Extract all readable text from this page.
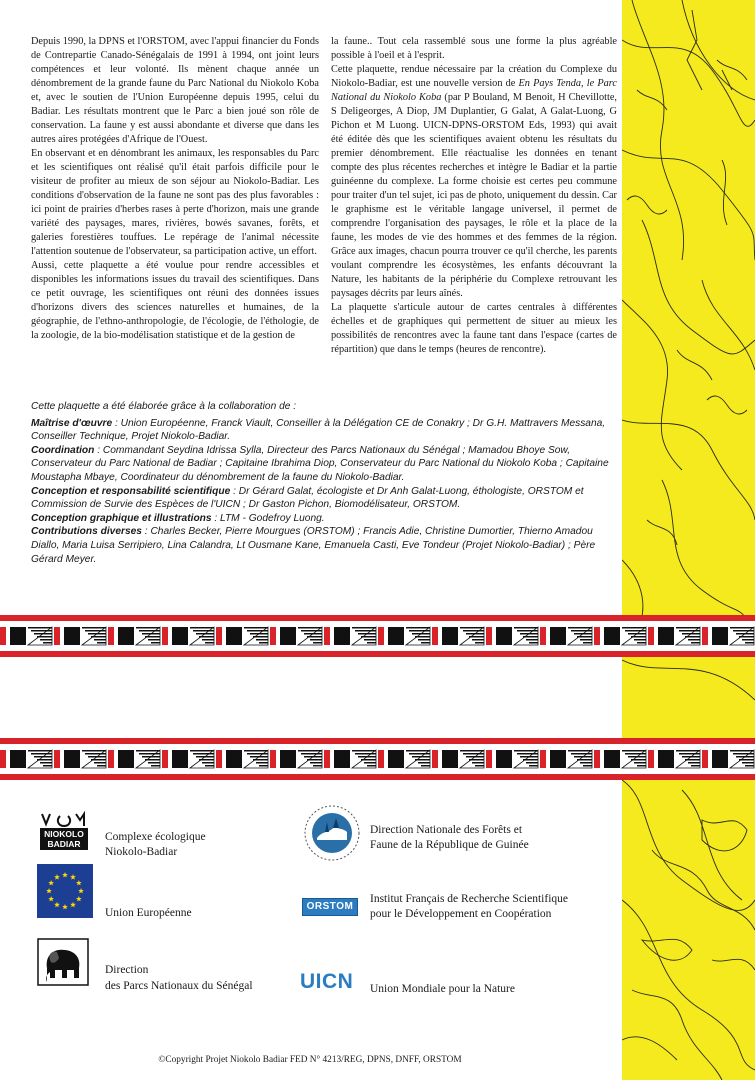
Depuis 1990, la DPNS et l'ORSTOM, avec l'appui financier du Fonds de Contrepartie Canado-Sénégalais de 1991 à 1994, ont joint leurs compétences et leur volonté. Ils mènent chaque année un dénombrement de la grande faune du Parc National du Niokolo Koba et, avec le soutien de l'Union Européenne depuis 1995, celui du Badiar. Les résultats montrent que le Parc a bien joué son rôle de conservation. La faune y est aussi abondante et diverse que dans les autres aires protégées d'Afrique de l'Ouest.

En observant et en dénombrant les animaux, les responsables du Parc et les scientifiques ont réalisé qu'il était parfois difficile pour le visiteur de profiter au mieux de son séjour au Niokolo-Badiar. Les conditions d'observation de la faune ne sont pas des plus favorables : ici point de prairies d'herbes rases à perte d'horizon, mais une grande variété des paysages, mares, rivières, bowés savanes, forêts, et galeries forestières touffues. Le repérage de l'animal nécessite l'attention soutenue de l'observateur, sa participation active, un effort.

Aussi, cette plaquette a été voulue pour rendre accessibles et disponibles les informations issues du travail des scientifiques. Dans ce petit ouvrage, les scientifiques ont réuni des données issues d'horizons divers des sciences naturelles et humaines, de la géographie, de l'ethno-anthropologie, de l'écologie, de l'éthologie, de la zoologie, de la bio-modélisation statistique et de la gestion de

la faune.. Tout cela rassemblé sous une forme la plus agréable possible à l'oeil et à l'esprit.

Cette plaquette, rendue nécessaire par la création du Complexe du Niokolo-Badiar, est une nouvelle version de En Pays Tenda, le Parc National du Niokolo Koba (par P Bouland, M Benoit, H Chevillotte, S Deligeorges, A Diop, JM Duplantier, G Galat, A Galat-Luong, G Pichon et M Luong. UICN-DPNS-ORSTOM Eds, 1993) qui avait été éditée dès que les scientifiques avaient obtenu les résultats du premier dénombrement. Elle réactualise les données en tenant compte des plus récentes recherches et intègre le Badiar et la partie guinéenne du complexe. La forme choisie est certes peu commune pour traiter d'un tel sujet, ici pas de photo, uniquement du dessin. Car le graphisme est le véritable langage universel, il permet de comprendre l'organisation des paysages, le rôle et la place de la faune, les modes de vie des hommes et des femmes de la région. Grâce aux images, chacun pourra trouver ce qu'il cherche, les parents voulant comprendre les écosystèmes, les enfants découvrant la Nature, les habitants de la périphérie du Complexe retrouvant les paysages décrits par leurs aînés.

La plaquette s'articule autour de cartes centrales à différentes échelles et de graphiques qui permettent de situer au mieux les possibilités de rencontres avec la faune tant dans l'espace (cartes de répartition) que dans le temps (heures de rencontre).

Cette plaquette a été élaborée grâce à la collaboration de :

Maîtrise d'œuvre : Union Européenne, Franck Viault, Conseiller à la Délégation CE de Conakry ; Dr G.H. Mattravers Messana, Conseiller Technique, Projet Niokolo-Badiar.

Coordination : Commandant Seydina Idrissa Sylla, Directeur des Parcs Nationaux du Sénégal ; Mamadou Bhoye Sow, Conservateur du Parc National de Badiar ; Capitaine Ibrahima Diop, Conservateur du Parc National du Niokolo Koba ; Capitaine Moustapha Mbaye, Coordinateur du dénombrement de la faune du Niokolo-Badiar.

Conception et responsabilité scientifique : Dr Gérard Galat, écologiste et Dr Anh Galat-Luong, éthologiste, ORSTOM et Commission de Survie des Espèces de l'UICN ; Dr Gaston Pichon, Biomodélisateur, ORSTOM.

Conception graphique et illustrations : LTM - Godefroy Luong.

Contributions diverses : Charles Becker, Pierre Mourgues (ORSTOM) ; Francis Adie, Christine Dumortier, Thierno Amadou Diallo, Maria Luisa Serripiero, Lina Calandra, Lt Ousmane Kane, Emanuela Casti, Eve Tondeur (Projet Niokolo-Badiar) ; Père Gérard Meyer.

NIOKOLO BADIAR
Complexe écologique
Niokolo-Badiar
Union Européenne
Direction
des Parcs Nationaux du Sénégal
Direction Nationale des Forêts et
Faune de la République de Guinée
ORSTOM
Institut Français de Recherche Scientifique
pour le Développement en Coopération
UICN	Union Mondiale pour la Nature
©Copyright Projet Niokolo Badiar FED N° 4213/REG, DPNS, DNFF, ORSTOM
